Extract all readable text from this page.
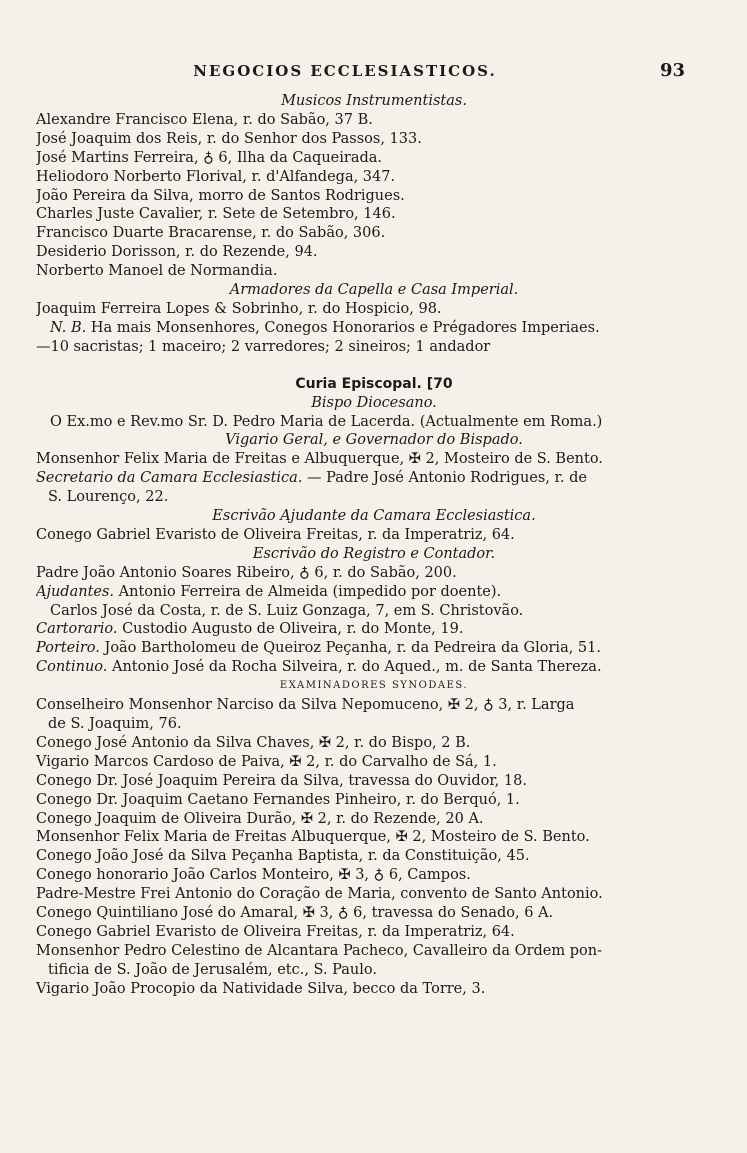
NEGOCIOS ECCLESIASTICOS.	93
Musicos Instrumentistas.
Alexandre Francisco Elena, r. do Sabão, 37 B.
José Joaquim dos Reis, r. do Senhor dos Passos, 133.
José Martins Ferreira, ♁ 6, Ilha da Caqueirada.
Heliodoro Norberto Florival, r. d'Alfandega, 347.
João Pereira da Silva, morro de Santos Rodrigues.
Charles Juste Cavalier, r. Sete de Setembro, 146.
Francisco Duarte Bracarense, r. do Sabão, 306.
Desiderio Dorisson, r. do Rezende, 94.
Norberto Manoel de Normandia.
Armadores da Capella e Casa Imperial.
Joaquim Ferreira Lopes & Sobrinho, r. do Hospicio, 98.
N. B. Ha mais Monsenhores, Conegos Honorarios e Prégadores Imperiaes.
—10 sacristas; 1 maceiro; 2 varredores; 2 sineiros; 1 andador
Curia Episcopal. [70
Bispo Diocesano.
O Ex.mo e Rev.mo Sr. D. Pedro Maria de Lacerda. (Actualmente em Roma.)
Vigario Geral, e Governador do Bispado.
Monsenhor Felix Maria de Freitas e Albuquerque, ✠ 2, Mosteiro de S. Bento.
Secretario da Camara Ecclesiastica. — Padre José Antonio Rodrigues, r. de
S. Lourenço, 22.
Escrivão Ajudante da Camara Ecclesiastica.
Conego Gabriel Evaristo de Oliveira Freitas, r. da Imperatriz, 64.
Escrivão do Registro e Contador.
Padre João Antonio Soares Ribeiro, ♁ 6, r. do Sabão, 200.
Ajudantes. Antonio Ferreira de Almeida (impedido por doente).
Carlos José da Costa, r. de S. Luiz Gonzaga, 7, em S. Christovão.
Cartorario. Custodio Augusto de Oliveira, r. do Monte, 19.
Porteiro. João Bartholomeu de Queiroz Peçanha, r. da Pedreira da Gloria, 51.
Continuo. Antonio José da Rocha Silveira, r. do Aqued., m. de Santa Thereza.
EXAMINADORES SYNODAES.
Conselheiro Monsenhor Narciso da Silva Nepomuceno, ✠ 2, ♁ 3, r. Larga
de S. Joaquim, 76.
Conego José Antonio da Silva Chaves, ✠ 2, r. do Bispo, 2 B.
Vigario Marcos Cardoso de Paiva, ✠ 2, r. do Carvalho de Sá, 1.
Conego Dr. José Joaquim Pereira da Silva, travessa do Ouvidor, 18.
Conego Dr. Joaquim Caetano Fernandes Pinheiro, r. do Berquó, 1.
Conego Joaquim de Oliveira Durão, ✠ 2, r. do Rezende, 20 A.
Monsenhor Felix Maria de Freitas Albuquerque, ✠ 2, Mosteiro de S. Bento.
Conego João José da Silva Peçanha Baptista, r. da Constituição, 45.
Conego honorario João Carlos Monteiro, ✠ 3, ♁ 6, Campos.
Padre-Mestre Frei Antonio do Coração de Maria, convento de Santo Antonio.
Conego Quintiliano José do Amaral, ✠ 3, ♁ 6, travessa do Senado, 6 A.
Conego Gabriel Evaristo de Oliveira Freitas, r. da Imperatriz, 64.
Monsenhor Pedro Celestino de Alcantara Pacheco, Cavalleiro da Ordem pon-
tificia de S. João de Jerusalém, etc., S. Paulo.
Vigario João Procopio da Natividade Silva, becco da Torre, 3.
